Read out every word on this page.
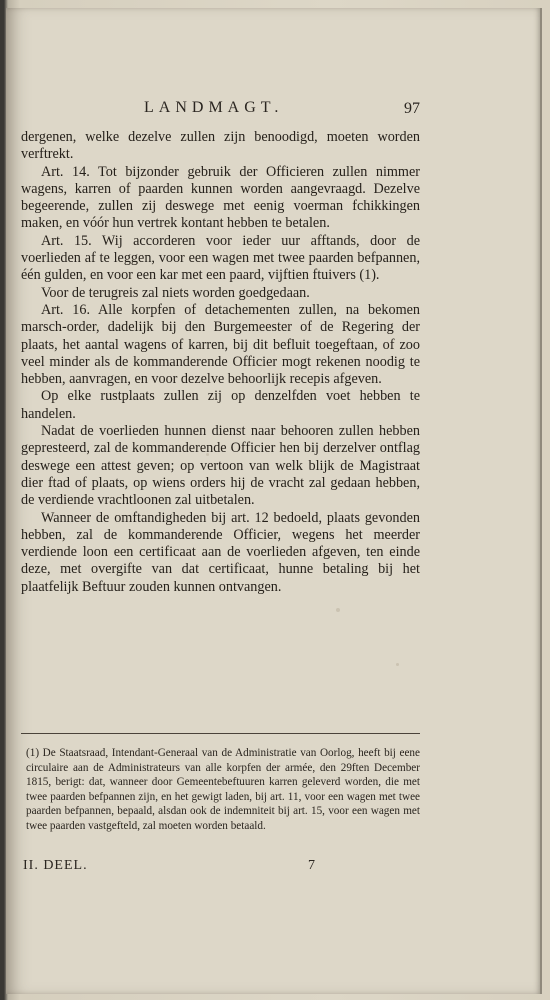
LANDMAGT.	97

dergenen, welke dezelve zullen zijn benoodigd, moeten worden verftrekt.

Art. 14. Tot bijzonder gebruik der Officieren zullen nimmer wagens, karren of paarden kunnen worden aangevraagd. Dezelve begeerende, zullen zij deswege met eenig voerman fchikkingen maken, en vóór hun vertrek kontant hebben te betalen.

Art. 15. Wij accorderen voor ieder uur afftands, door de voerlieden af te leggen, voor een wagen met twee paarden befpannen, één gulden, en voor een kar met een paard, vijftien ftuivers (1).

Voor de terugreis zal niets worden goedgedaan.

Art. 16. Alle korpfen of detachementen zullen, na bekomen marsch-order, dadelijk bij den Burgemeester of de Regering der plaats, het aantal wagens of karren, bij dit befluit toegeftaan, of zoo veel minder als de kommanderende Officier mogt rekenen noodig te hebben, aanvragen, en voor dezelve behoorlijk recepis afgeven.

Op elke rustplaats zullen zij op denzelfden voet hebben te handelen.

Nadat de voerlieden hunnen dienst naar behooren zullen hebben gepresteerd, zal de kommanderende Officier hen bij derzelver ontflag deswege een attest geven; op vertoon van welk blijk de Magistraat dier ftad of plaats, op wiens orders hij de vracht zal gedaan hebben, de verdiende vrachtloonen zal uitbetalen.

Wanneer de omftandigheden bij art. 12 bedoeld, plaats gevonden hebben, zal de kommanderende Officier, wegens het meerder verdiende loon een certificaat aan de voerlieden afgeven, ten einde deze, met overgifte van dat certificaat, hunne betaling bij het plaatfelijk Beftuur zouden kunnen ontvangen.

(1) De Staatsraad, Intendant-Generaal van de Administratie van Oorlog, heeft bij eene circulaire aan de Administrateurs van alle korpfen der armée, den 29ften December 1815, berigt: dat, wanneer door Gemeentebeftuuren karren geleverd worden, die met twee paarden befpannen zijn, en het gewigt laden, bij art. 11, voor een wagen met twee paarden befpannen, bepaald, alsdan ook de indemniteit bij art. 15, voor een wagen met twee paarden vastgefteld, zal moeten worden betaald.

II. DEEL.	7
